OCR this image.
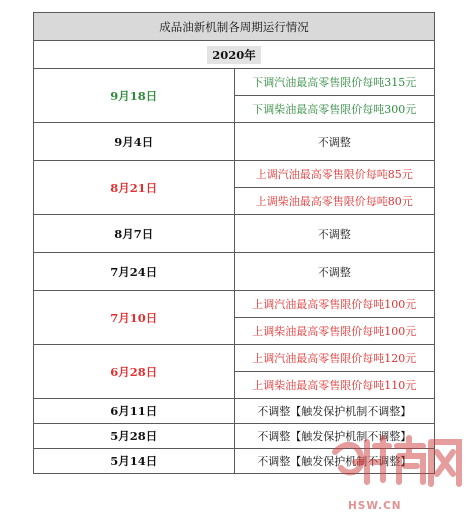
成品油新机制各周期运行情况	
2020年	
9月18日	下调汽油最高零售限价每吨315元
	下调柴油最高零售限价每吨300元
9月4日	不调整
8月21日	上调汽油最高零售限价每吨85元
	上调柴油最高零售限价每吨80元
8月7日	不调整
7月24日	不调整
7月10日	上调汽油最高零售限价每吨100元
	上调柴油最高零售限价每吨100元
6月28日	上调汽油最高零售限价每吨120元
	上调柴油最高零售限价每吨110元
6月11日	不调整【触发保护机制不调整】
5月28日	不调整【触发保护机制不调整】
5月14日	不调整【触发保护机制不调整】
HSW.CN
